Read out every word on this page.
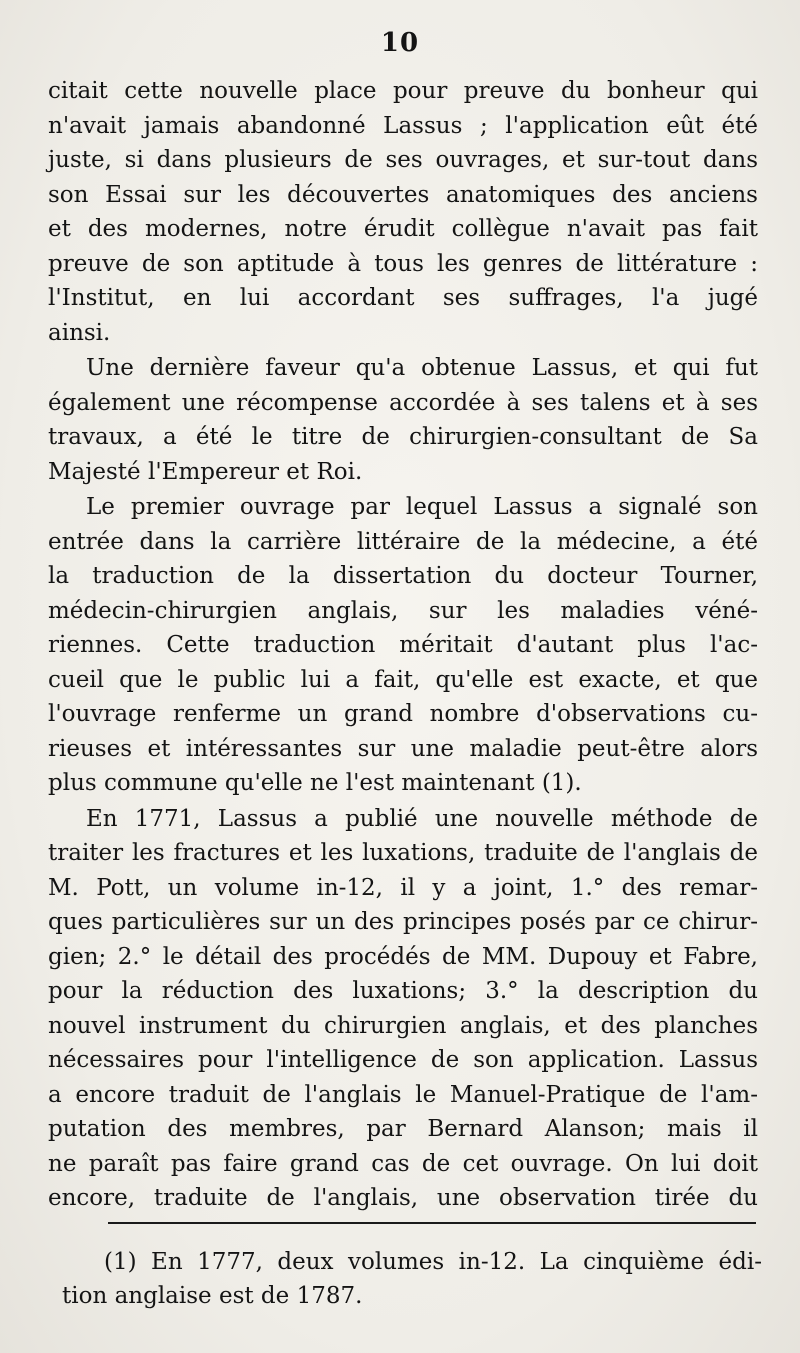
10
citait cette nouvelle place pour preuve du bonheur qui
n'avait jamais abandonné Lassus ; l'application eût été
juste, si dans plusieurs de ses ouvrages, et sur-tout dans
son Essai sur les découvertes anatomiques des anciens
et des modernes, notre érudit collègue n'avait pas fait
preuve de son aptitude à tous les genres de littérature :
l'Institut, en lui accordant ses suffrages, l'a jugé
ainsi.
Une dernière faveur qu'a obtenue Lassus, et qui fut
également une récompense accordée à ses talens et à ses
travaux, a été le titre de chirurgien-consultant de Sa
Majesté l'Empereur et Roi.
Le premier ouvrage par lequel Lassus a signalé son
entrée dans la carrière littéraire de la médecine, a été
la traduction de la dissertation du docteur Tourner,
médecin-chirurgien anglais, sur les maladies véné-
riennes. Cette traduction méritait d'autant plus l'ac-
cueil que le public lui a fait, qu'elle est exacte, et que
l'ouvrage renferme un grand nombre d'observations cu-
rieuses et intéressantes sur une maladie peut-être alors
plus commune qu'elle ne l'est maintenant (1).
En 1771, Lassus a publié une nouvelle méthode de
traiter les fractures et les luxations, traduite de l'anglais de
M. Pott, un volume in-12, il y a joint, 1.° des remar-
ques particulières sur un des principes posés par ce chirur-
gien; 2.° le détail des procédés de MM. Dupouy et Fabre,
pour la réduction des luxations; 3.° la description du
nouvel instrument du chirurgien anglais, et des planches
nécessaires pour l'intelligence de son application. Lassus
a encore traduit de l'anglais le Manuel-Pratique de l'am-
putation des membres, par Bernard Alanson; mais il
ne paraît pas faire grand cas de cet ouvrage. On lui doit
encore, traduite de l'anglais, une observation tirée du
(1) En 1777, deux volumes in-12. La cinquième édi-
tion anglaise est de 1787.
